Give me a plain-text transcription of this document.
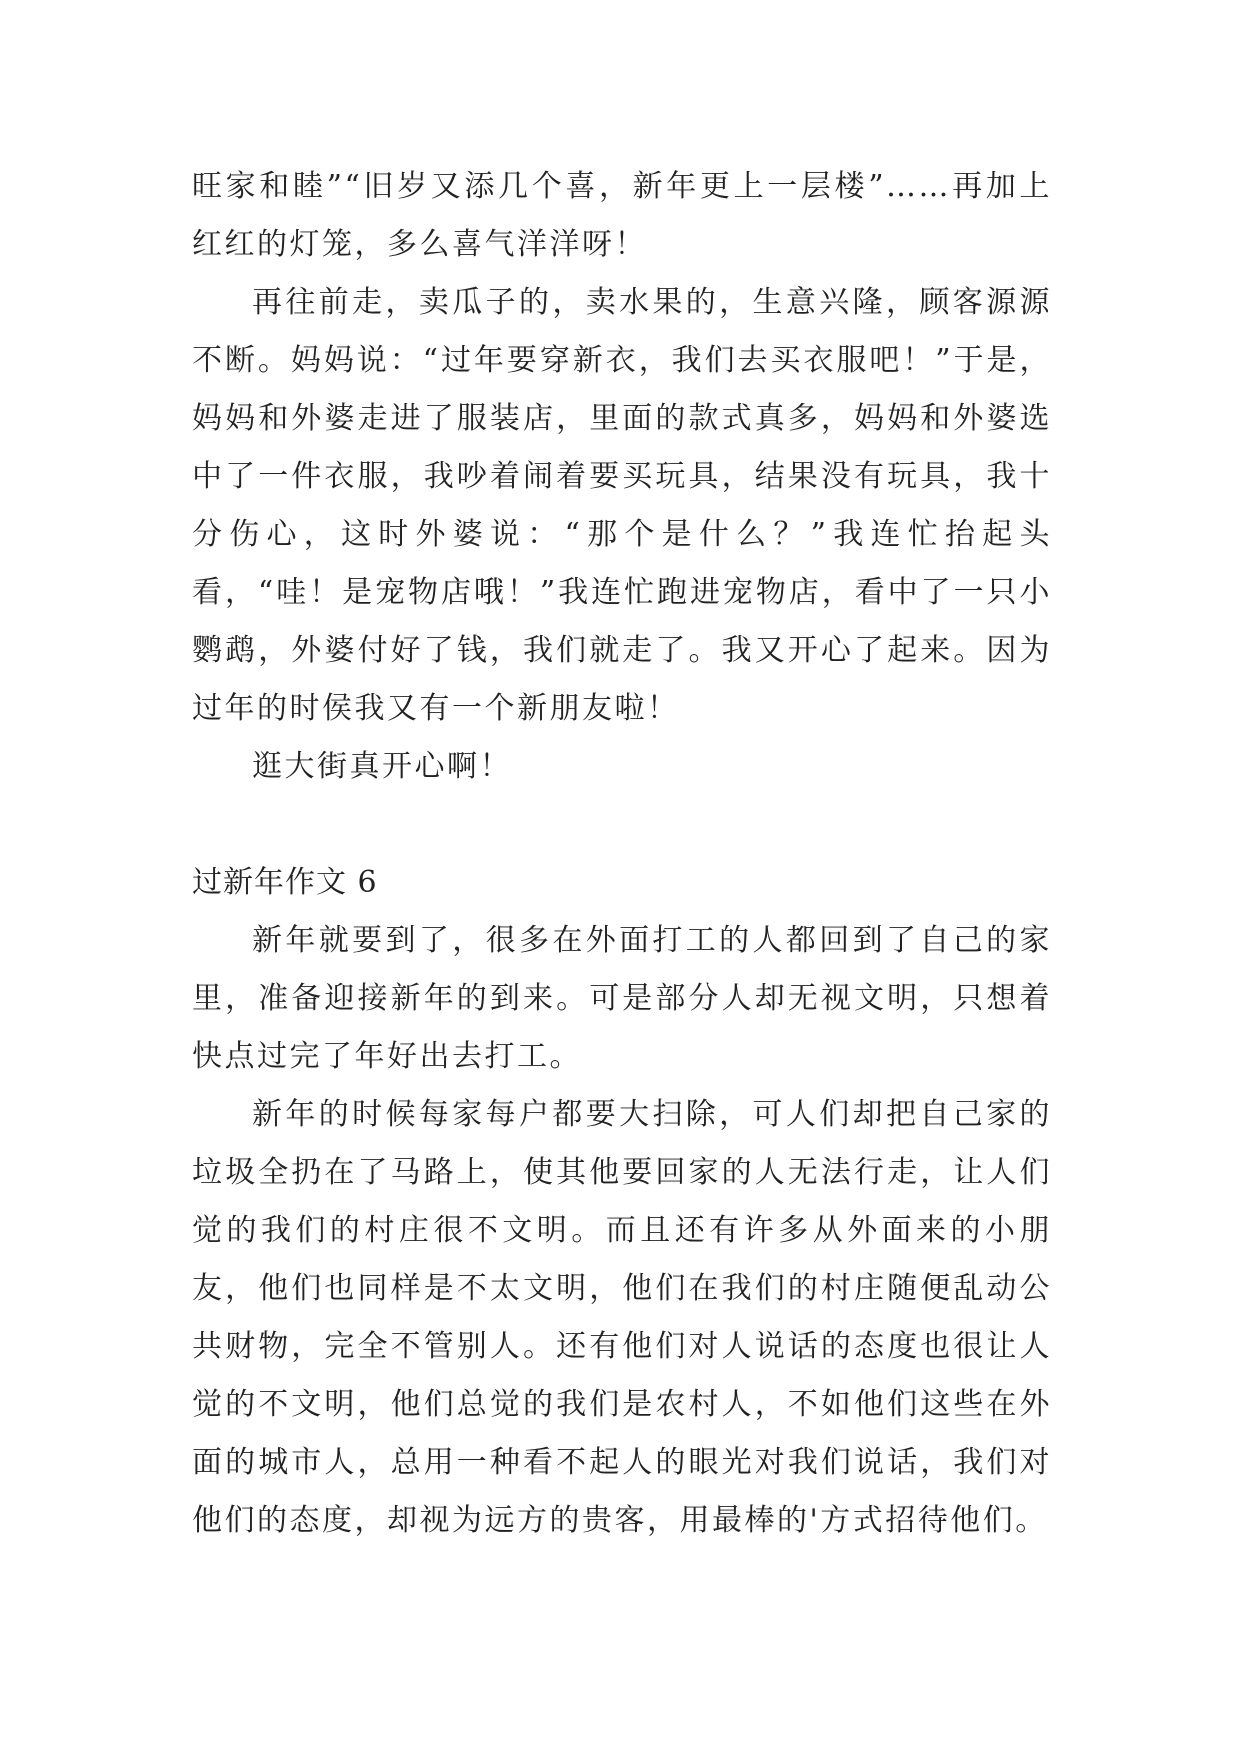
旺家和睦”“旧岁又添几个喜，新年更上一层楼”……再加上红红的灯笼，多么喜气洋洋呀！

再往前走，卖瓜子的，卖水果的，生意兴隆，顾客源源不断。妈妈说：“过年要穿新衣，我们去买衣服吧！”于是，妈妈和外婆走进了服装店，里面的款式真多，妈妈和外婆选中了一件衣服，我吵着闹着要买玩具，结果没有玩具，我十分伤心，这时外婆说：“那个是什么？”我连忙抬起头看，“哇！是宠物店哦！”我连忙跑进宠物店，看中了一只小鹦鹉，外婆付好了钱，我们就走了。我又开心了起来。因为过年的时侯我又有一个新朋友啦！

逛大街真开心啊！

过新年作文 6

新年就要到了，很多在外面打工的人都回到了自己的家里，准备迎接新年的到来。可是部分人却无视文明，只想着快点过完了年好出去打工。

新年的时候每家每户都要大扫除，可人们却把自己家的垃圾全扔在了马路上，使其他要回家的人无法行走，让人们觉的我们的村庄很不文明。而且还有许多从外面来的小朋友，他们也同样是不太文明，他们在我们的村庄随便乱动公共财物，完全不管别人。还有他们对人说话的态度也很让人觉的不文明，他们总觉的我们是农村人，不如他们这些在外面的城市人，总用一种看不起人的眼光对我们说话，我们对他们的态度，却视为远方的贵客，用最棒的'方式招待他们。
